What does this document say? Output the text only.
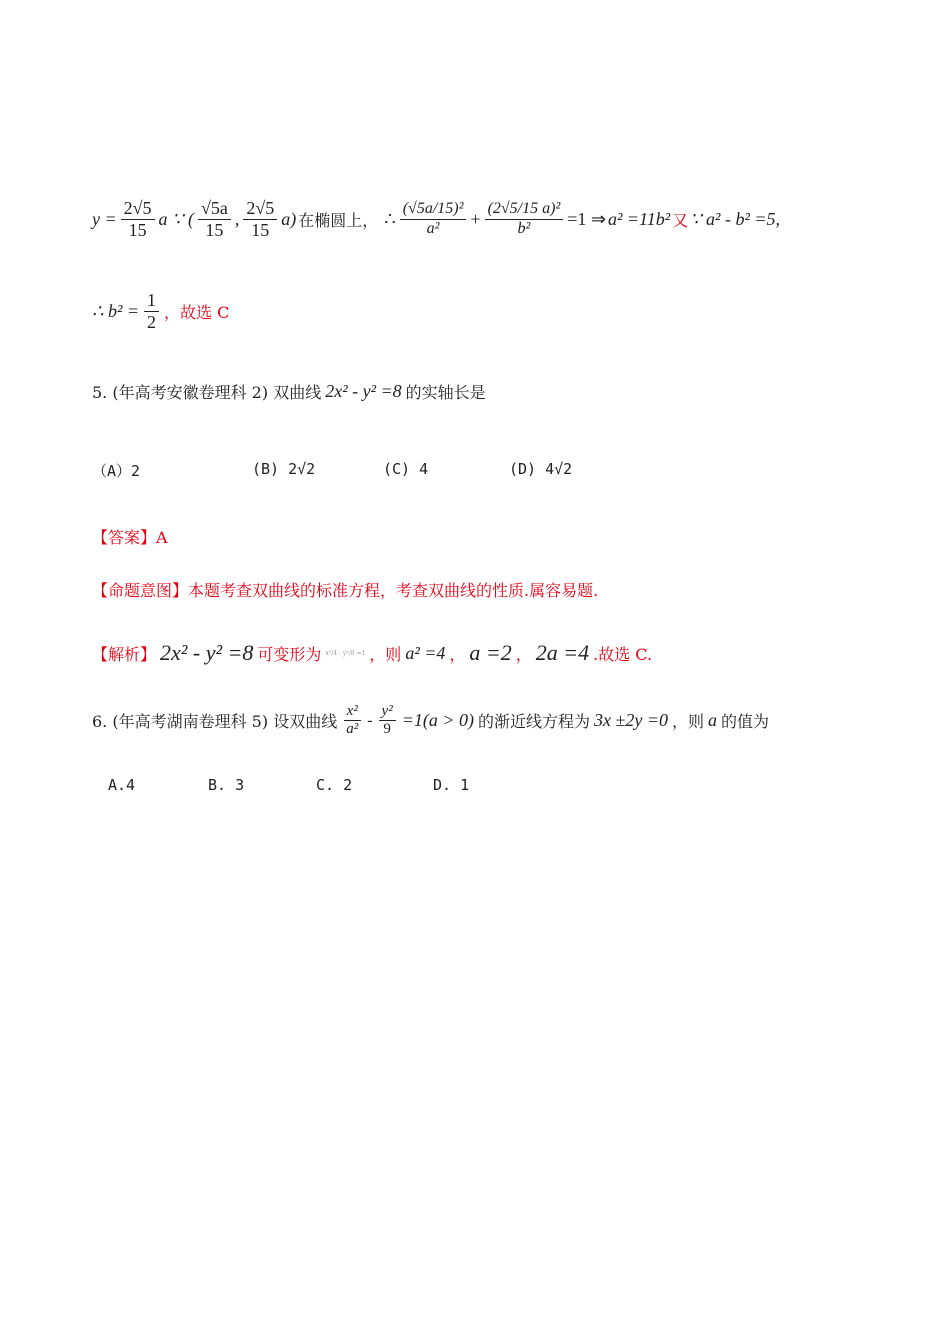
$y = \frac{2√5}{15}$ a ∵ ( $\frac{√5a}{15}$ , $\frac{2√5}{15} a$) 在椭圆上， ∴ $\frac{\text{(√5a/15)²}}{\text{a²}} + \frac{\text{(2√5/15 a)²}}{\text{b²}} =1$ ⇒ a² =11b² 又 ∵ a² - b² =5,
∴ $b^2 = \frac{1}{2}$ ，故选 C
5. (年高考安徽卷理科 2) 双曲线 2x² - y² =8 的实轴长是
（A）2	(B) 2√2	(C) 4	(D) 4√2
【答案】A
【命题意图】本题考查双曲线的标准方程，考查双曲线的性质.属容易题.
【解析】 2x² - y² =8 可变形为 x²/4 - y²/8 =1 ，则 a² =4 ， a =2 ， 2a =4 .故选 C.
6. (年高考湖南卷理科 5) 设双曲线 $\frac{\text{x²}}{\text{a²}} - \frac{\text{y²}}{9} =1(a > 0)$ 的渐近线方程为 3x ±2y =0 ，则 a 的值为
A.4	B. 3	C. 2	D. 1
